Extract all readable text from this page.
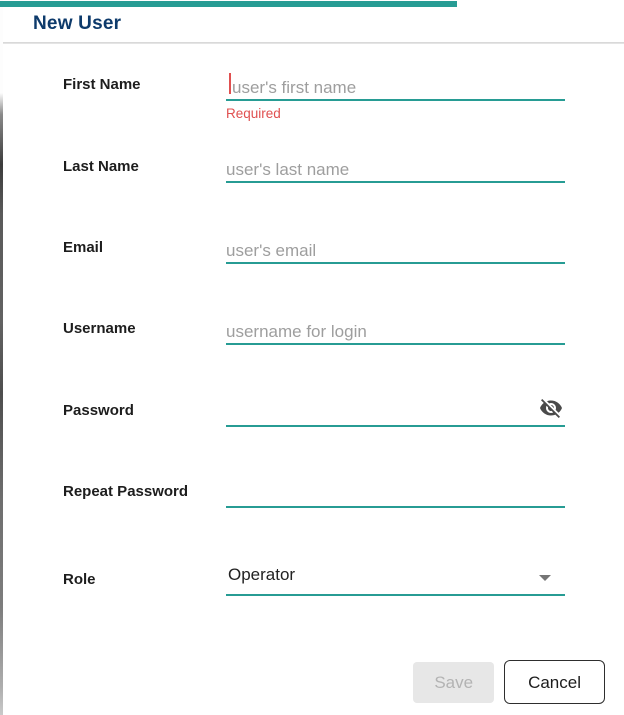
New User
First Name
user's first name
Required
Last Name
user's last name
Email
user's email
Username
username for login
Password
Repeat Password
Role	Operator
Save	Cancel
